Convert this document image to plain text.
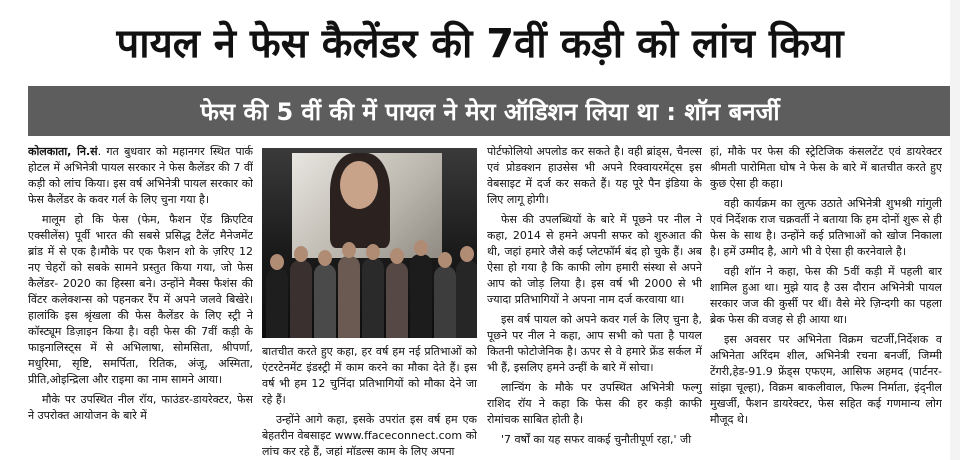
पायल ने फेस कैलेंडर की 7वीं कड़ी को लांच किया
फेस की 5 वीं की में पायल ने मेरा ऑडिशन लिया था : शॉन बनर्जी

कोलकाता, नि.सं. गत बुधवार को महानगर स्थित पार्क होटल में अभिनेत्री पायल सरकार ने फेस कैलेंडर की 7 वीं कड़ी को लांच किया। इस वर्ष अभिनेत्री पायल सरकार को फेस कैलेंडर के कवर गर्ल के लिए चुना गया है।

मालूम हो कि फेस (फेम, फैशन ऐंड क्रिएटिव एक्सीलेंस) पूर्वी भारत की सबसे प्रसिद्ध टैलेंट मैनेजमेंट ब्रांड में से एक है।मौके पर एक फैशन शो के ज़रिए 12 नए चेहरों को सबके सामने प्रस्तुत किया गया, जो फेस कैलेंडर- 2020 का हिस्सा बने। उन्होंने मैक्स फैशंस की विंटर कलेक्शन्स को पहनकर रैंप में अपने जलवे बिखेरे। हालांकि इस श्रृंखला की फेस कैलेंडर के लिए स्ट्री ने कॉस्ट्यूम डिज़ाइन किया है। वही फेस की 7वीं कड़ी के फाइनालिस्ट्स में से अभिलाषा, सोमसिता, श्रीपर्णा, मधुरिमा, सृष्टि, समर्पिता, रितिक, अंजू, अस्मिता, प्रीति,ओइन्द्रिला और राइमा का नाम सामने आया।

मौके पर उपस्थित नील रॉय, फाउंडर-डायरेक्टर, फेस ने उपरोक्त आयोजन के बारे में

बातचीत करते हुए कहा, हर वर्ष हम नई प्रतिभाओं को एंटरटेनमेंट इंडस्ट्री में काम करने का मौका देते हैं। इस वर्ष भी हम 12 चुनिंदा प्रतिभागियों को मौका देने जा रहे हैं।

उन्होंने आगे कहा, इसके उपरांत इस वर्ष हम एक बेहतरीन वेबसाइट www.ffaceconnect.com को लांच कर रहे हैं, जहां मॉडल्स काम के लिए अपना

पोर्टफोलियो अपलोड कर सकते है। वही ब्रांड्स, चैनल्स एवं प्रोडक्शन हाउसेस भी अपने रिक्वायरमेंट्स इस वेबसाइट में दर्ज कर सकते हैं। यह पूरे पैन इंडिया के लिए लागू होगी।

फेस की उपलब्धियों के बारे में पूछने पर नील ने कहा, 2014 से हमने अपनी सफर को शुरुआत की थी, जहां हमारे जैसे कई प्लेटफॉर्म बंद हो चुके हैं। अब ऐसा हो गया है कि काफी लोग हमारी संस्था से अपने आप को जोड़ लिया है। इस वर्ष भी 2000 से भी ज्यादा प्रतिभागियों ने अपना नाम दर्ज करवाया था।

इस वर्ष पायल को अपने कवर गर्ल के लिए चुना है, पूछने पर नील ने कहा, आप सभी को पता है पायल कितनी फोटोजेनिक है। ऊपर से वे हमारे फ्रेंड सर्कल में भी हैं, इसलिए हमने उन्हीं के बारे में सोचा।

लान्चिंग के मौके पर उपस्थित अभिनेत्री फल्गु राशिद रॉय ने कहा कि फेस की हर कड़ी काफी रोमांचक साबित होती है।

'7 वर्षों का यह सफर वाकई चुनौतीपूर्ण रहा,' जी

हां, मौके पर फेस की स्ट्रेटिजिक कंसलटेंट एवं डायरेक्टर श्रीमती पारोमिता घोष ने फेस के बारे में बातचीत करते हुए कुछ ऐसा ही कहा।

वही कार्यक्रम का लुत्फ उठाते अभिनेत्री शुभश्री गांगुली एवं निर्देशक राज चक्रवर्ती ने बताया कि हम दोनों शुरू से ही फेस के साथ है। उन्होंने कई प्रतिभाओं को खोज निकाला है। हमें उम्मीद है, आगे भी वे ऐसा ही करनेवाले है।

वही शॉन ने कहा, फेस की 5वीं कड़ी में पहली बार शामिल हुआ था। मुझे याद है उस दौरान अभिनेत्री पायल सरकार जज की कुर्सी पर थीं। वैसे मेरे ज़िन्दगी का पहला ब्रेक फेस की वजह से ही आया था।

इस अवसर पर अभिनेता विक्रम चटर्जी,निर्देशक व अभिनेता अरिंदम शील, अभिनेत्री रचना बनर्जी, जिम्मी टेंगरी,हेड-91.9 फ्रेंड्स एफएम, आसिफ अहमद (पार्टनर-सांझा चूल्हा), विक्रम बाकलीवाल, फिल्म निर्माता, इंद्नील मुखर्जी, फैशन डायरेक्टर, फेस सहित कई गणमान्य लोग मौजूद थे।
